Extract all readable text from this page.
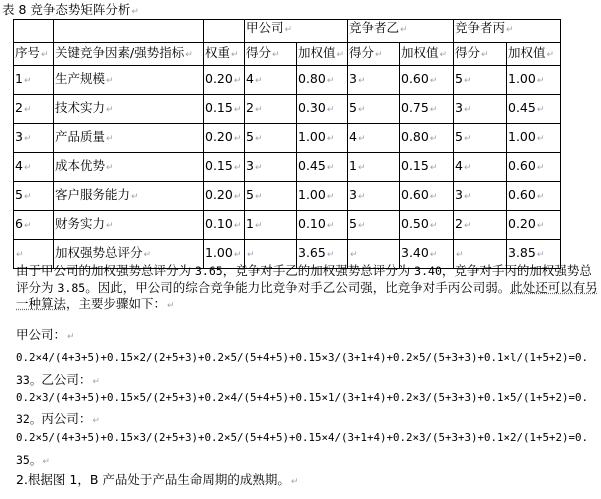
表 8 竞争态势矩阵分析↵
			甲公司↵		竞争者乙↵		竞争者丙↵	
序号↵	关键竞争因素/强势指标↵	权重↵	得分↵	加权值↵	得分↵	加权值↵	得分↵	加权值↵
1↵	生产规模↵	0.20↵	4↵	0.80↵	3↵	0.60↵	5↵	1.00↵
2↵	技术实力↵	0.15↵	2↵	0.30↵	5↵	0.75↵	3↵	0.45↵
3↵	产品质量↵	0.20↵	5↵	1.00↵	4↵	0.80↵	5↵	1.00↵
4↵	成本优势↵	0.15↵	3↵	0.45↵	1↵	0.15↵	4↵	0.60↵
5↵	客户服务能力↵	0.20↵	5↵	1.00↵	3↵	0.60↵	3↵	0.60↵
6↵	财务实力↵	0.10↵	1↵	0.10↵	5↵	0.50↵	2↵	0.20↵
↵	加权强势总评分↵	1.00↵	↵	3.65↵	↵	3.40↵	↵	3.85↵
由于甲公司的加权强势总评分为 3.65，竞争对手乙的加权强势总评分为 3.40，竞争对手丙的加权强势总评分为 3.85。因此，甲公司的综合竞争能力比竞争对手乙公司强，比竞争对手丙公司弱。此处还可以有另一种算法，主要步骤如下：↵
甲公司：↵
0.2×4/(4+3+5)+0.15×2/(2+5+3)+0.2×5/(5+4+5)+0.15×3/(3+1+4)+0.2×5/(5+3+3)+0.1×l/(1+5+2)=0.
33。乙公司：↵
0.2×3/(4+3+5)+0.15×5/(2+5+3)+0.2×4/(5+4+5)+0.15×1/(3+1+4)+0.2×3/(5+3+3)+0.1×5/(1+5+2)=0.
32。丙公司：↵
0.2×5/(4+3+5)+0.15×3/(2+5+3)+0.2×5/(5+4+5)+0.15×4/(3+1+4)+0.2×3/(5+3+3)+0.1×2/(1+5+2)=0.
35。↵
2.根据图 1，B 产品处于产品生命周期的成熟期。↵
